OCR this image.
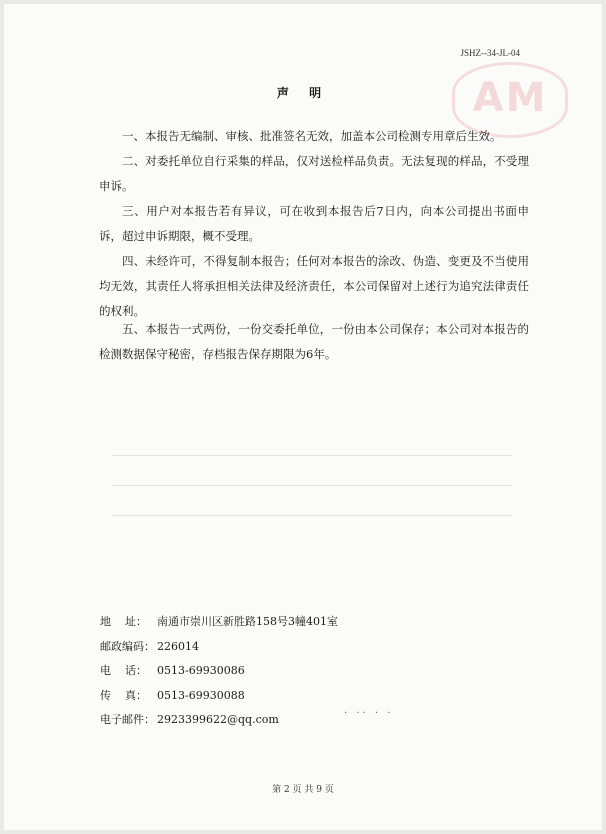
AM
JSHZ--34-JL-04
声 明

一、本报告无编制、审核、批准签名无效，加盖本公司检测专用章后生效。

二、对委托单位自行采集的样品，仅对送检样品负责。无法复现的样品，不受理申诉。

三、用户对本报告若有异议，可在收到本报告后7日内，向本公司提出书面申诉，超过申诉期限，概不受理。

四、未经许可，不得复制本报告；任何对本报告的涂改、伪造、变更及不当使用均无效，其责任人将承担相关法律及经济责任，本公司保留对上述行为追究法律责任的权利。

五、本报告一式两份，一份交委托单位，一份由本公司保存；本公司对本报告的检测数据保守秘密，存档报告保存期限为6年。

地    址： 南通市崇川区新胜路158号3幢401室
邮政编码： 226014
电    话： 0513-69930086
传    真： 0513-69930088
电子邮件： 2923399622@qq.com	· ·· · ·
第 2 页 共 9 页
